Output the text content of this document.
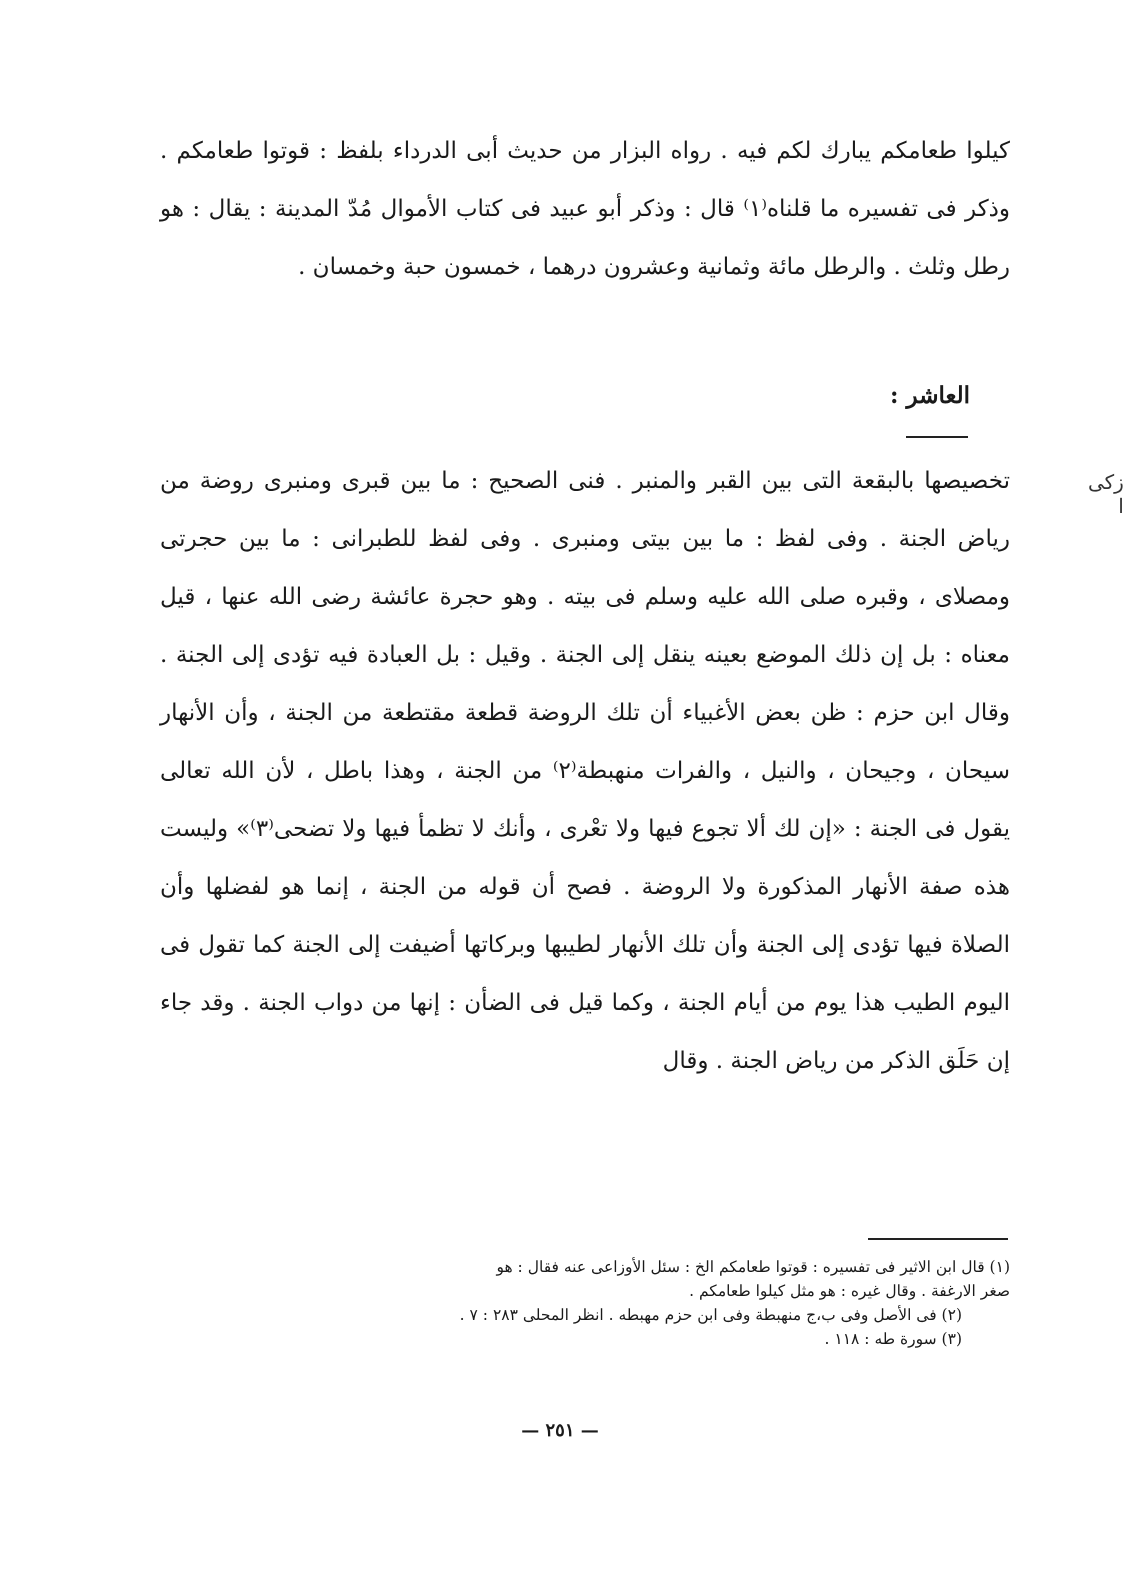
كيلوا طعامكم يبارك لكم فيه . رواه البزار من حديث أبى الدرداء بلفظ : قوتوا طعامكم . وذكر فى تفسيره ما قلناه⁽١⁾ قال : وذكر أبو عبيد فى كتاب الأموال مُدّ المدينة : يقال : هو رطل وثلث . والرطل مائة وثمانية وعشرون درهما ، خمسون حبة وخمسان .

العاشر :
زكى ا

تخصيصها بالبقعة التى بين القبر والمنبر . فنى الصحيح : ما بين قبرى ومنبرى روضة من رياض الجنة . وفى لفظ : ما بين بيتى ومنبرى . وفى لفظ للطبرانى : ما بين حجرتى ومصلاى ، وقبره صلى الله عليه وسلم فى بيته . وهو حجرة عائشة رضى الله عنها ، قيل معناه : بل إن ذلك الموضع بعينه ينقل إلى الجنة . وقيل : بل العبادة فيه تؤدى إلى الجنة . وقال ابن حزم : ظن بعض الأغبياء أن تلك الروضة قطعة مقتطعة من الجنة ، وأن الأنهار سيحان ، وجيحان ، والنيل ، والفرات منهبطة⁽٢⁾ من الجنة ، وهذا باطل ، لأن الله تعالى يقول فى الجنة : «إن لك ألا تجوع فيها ولا تعْرى ، وأنك لا تظمأ فيها ولا تضحى⁽٣⁾» وليست هذه صفة الأنهار المذكورة ولا الروضة . فصح أن قوله من الجنة ، إنما هو لفضلها وأن الصلاة فيها تؤدى إلى الجنة وأن تلك الأنهار لطيبها وبركاتها أضيفت إلى الجنة كما تقول فى اليوم الطيب هذا يوم من أيام الجنة ، وكما قيل فى الضأن : إنها من دواب الجنة . وقد جاء إن حَلَق الذكر من رياض الجنة . وقال

(١) قال ابن الاثير فى تفسيره : قوتوا طعامكم الخ : سئل الأوزاعى عنه فقال : هو
صغر الارغفة . وقال غيره : هو مثل كيلوا طعامكم .
(٢) فى الأصل وفى ب،ج منهبطة وفى ابن حزم مهبطه . انظر المحلى ٢٨٣ : ٧ .
(٣) سورة طه : ١١٨ .
— ٢٥١ —
